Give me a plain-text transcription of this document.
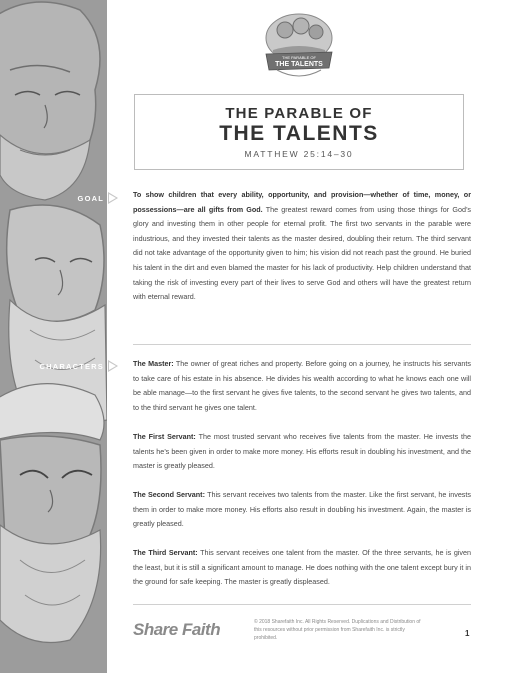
GOAL
CHARACTERS
THE PARABLE OF
THE TALENTS
THE PARABLE OF
THE TALENTS
MATTHEW 25:14–30
To show children that every ability, opportunity, and provision—whether of time, money, or possessions—are all gifts from God. The greatest reward comes from using those things for God’s glory and investing them in other people for eternal profit. The first two servants in the parable were industrious, and they invested their talents as the master desired, doubling their return. The third servant did not take advantage of the opportunity given to him; his vision did not reach past the ground. He buried his talent in the dirt and even blamed the master for his lack of productivity. Help children understand that taking the risk of investing every part of their lives to serve God and others will have the greatest return with eternal reward.
The Master: The owner of great riches and property. Before going on a journey, he instructs his servants to take care of his estate in his absence. He divides his wealth according to what he knows each one will be able manage—to the first servant he gives five talents, to the second servant he gives two talents, and to the third servant he gives one talent.
The First Servant: The most trusted servant who receives five talents from the master. He invests the talents he’s been given in order to make more money. His efforts result in doubling his investment, and the master is greatly pleased.
The Second Servant: This servant receives two talents from the master. Like the first servant, he invests them in order to make more money. His efforts also result in doubling his investment. Again, the master is greatly pleased.
The Third Servant: This servant receives one talent from the master. Of the three servants, he is given the least, but it is still a significant amount to manage. He does nothing with the one talent except bury it in the ground for safe keeping. The master is greatly displeased.
Share Faith	© 2018 Sharefaith Inc. All Rights Reserved. Duplications and Distribution of this resources without prior permission from Sharefaith Inc. is strictly prohibited.	1
